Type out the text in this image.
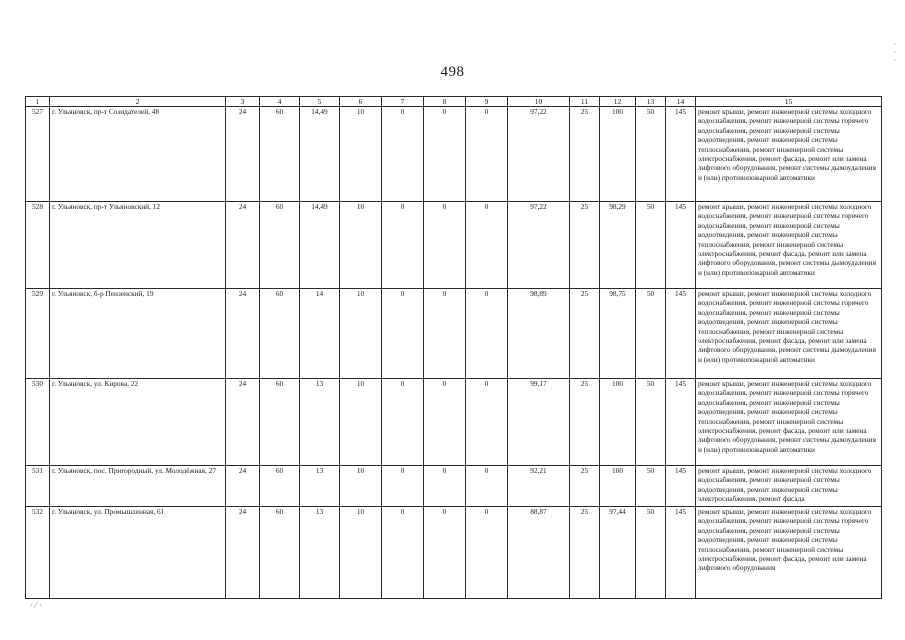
498
1	2	3	4	5	6	7	8	9	10	11	12	13	14	15
527	г. Ульяновск, пр-т Созидателей, 48	24	60	14,49	10	0	0	0	97,22	25	100	50	145	ремонт крыши, ремонт инженерной системы холодного водоснабжения, ремонт инженерной системы горячего водоснабжения, ремонт инженерной системы водоотведения, ремонт инженерной системы теплоснабжения, ремонт инженерной системы электроснабжения, ремонт фасада, ремонт или замена лифтового оборудования, ремонт системы дымоудаления и (или) противопожарной автоматики
528	г. Ульяновск, пр-т Ульяновский, 12	24	60	14,49	10	0	0	0	97,22	25	98,29	50	145	ремонт крыши, ремонт инженерной системы холодного водоснабжения, ремонт инженерной системы горячего водоснабжения, ремонт инженерной системы водоотведения, ремонт инженерной системы теплоснабжения, ремонт инженерной системы электроснабжения, ремонт фасада, ремонт или замена лифтового оборудования, ремонт системы дымоудаления и (или) противопожарной автоматики
529	г. Ульяновск, б-р Пензенский, 19	24	60	14	10	0	0	0	98,89	25	98,75	50	145	ремонт крыши, ремонт инженерной системы холодного водоснабжения, ремонт инженерной системы горячего водоснабжения, ремонт инженерной системы водоотведения, ремонт инженерной системы теплоснабжения, ремонт инженерной системы электроснабжения, ремонт фасада, ремонт или замена лифтового оборудования, ремонт системы дымоудаления и (или) противопожарной автоматики
530	г. Ульяновск, ул. Кирова, 22	24	60	13	10	0	0	0	99,17	25	100	50	145	ремонт крыши, ремонт инженерной системы холодного водоснабжения, ремонт инженерной системы горячего водоснабжения, ремонт инженерной системы водоотведения, ремонт инженерной системы теплоснабжения, ремонт инженерной системы электроснабжения, ремонт фасада, ремонт или замена лифтового оборудования, ремонт системы дымоудаления и (или) противопожарной автоматики
531	г. Ульяновск, пос. Пригородный, ул. Молодёжная, 27	24	60	13	10	0	0	0	92,21	25	100	50	145	ремонт крыши, ремонт инженерной системы холодного водоснабжения, ремонт инженерной системы водоотведения, ремонт инженерной системы электроснабжения, ремонт фасада
532	г. Ульяновск, ул. Промышленная, 61	24	60	13	10	0	0	0	88,87	25	97,44	50	145	ремонт крыши, ремонт инженерной системы холодного водоснабжения, ремонт инженерной системы горячего водоснабжения, ремонт инженерной системы водоотведения, ремонт инженерной системы теплоснабжения, ремонт инженерной системы электроснабжения, ремонт фасада, ремонт или замена лифтового оборудования
· ⁄ ·
·
·
·
